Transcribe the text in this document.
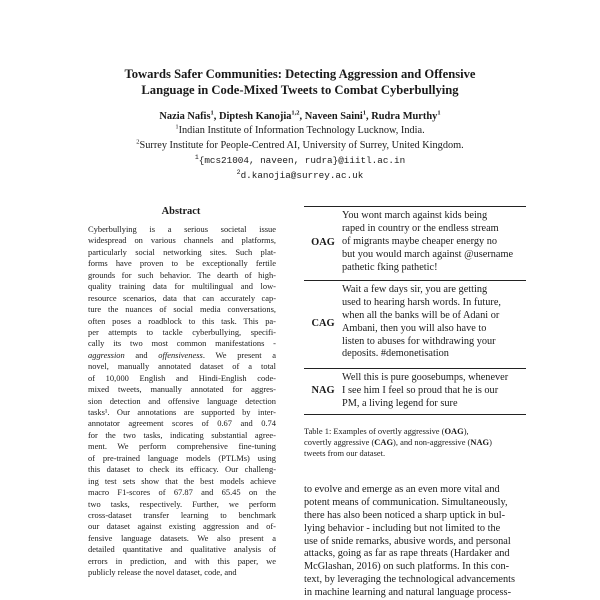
Towards Safer Communities: Detecting Aggression and Offensive
Language in Code-Mixed Tweets to Combat Cyberbullying
Nazia Nafis$^1$, Diptesh Kanojia$^{1,2}$, Naveen Saini$^1$, Rudra Murthy$^1$
$^1$Indian Institute of Information Technology Lucknow, India.
$^2$Surrey Institute for People-Centred AI, University of Surrey, United Kingdom.
$^1${mcs21004, naveen, rudra}@iiitl.ac.in
$^2$d.kanojia@surrey.ac.uk
Abstract
Cyberbullying is a serious societal issue
widespread on various channels and platforms,
particularly social networking sites. Such plat-
forms have proven to be exceptionally fertile
grounds for such behavior. The dearth of high-
quality training data for multilingual and low-
resource scenarios, data that can accurately cap-
ture the nuances of social media conversations,
often poses a roadblock to this task. This pa-
per attempts to tackle cyberbullying, specifi-
cally its two most common manifestations -
aggression and offensiveness. We present a
novel, manually annotated dataset of a total
of 10,000 English and Hindi-English code-
mixed tweets, manually annotated for aggres-
sion detection and offensive language detection
tasks¹. Our annotations are supported by inter-
annotator agreement scores of 0.67 and 0.74
for the two tasks, indicating substantial agree-
ment. We perform comprehensive fine-tuning
of pre-trained language models (PTLMs) using
this dataset to check its efficacy. Our challeng-
ing test sets show that the best models achieve
macro F1-scores of 67.87 and 65.45 on the
two tasks, respectively. Further, we perform
cross-dataset transfer learning to benchmark
our dataset against existing aggression and of-
fensive language datasets. We also present a
detailed quantitative and qualitative analysis of
errors in prediction, and with this paper, we
publicly release the novel dataset, code, and
OAG
You wont march against kids being
raped in country or the endless stream
of migrants maybe cheaper energy no
but you would march against @username
pathetic fking pathetic!
CAG
Wait a few days sir, you are getting
used to hearing harsh words. In future,
when all the banks will be of Adani or
Ambani, then you will also have to
listen to abuses for withdrawing your
deposits. #demonetisation
NAG
Well this is pure goosebumps, whenever
I see him I feel so proud that he is our
PM, a living legend for sure
Table 1: Examples of overtly aggressive (OAG),
covertly aggressive (CAG), and non-aggressive (NAG)
tweets from our dataset.
to evolve and emerge as an even more vital and
potent means of communication. Simultaneously,
there has also been noticed a sharp uptick in bul-
lying behavior - including but not limited to the
use of snide remarks, abusive words, and personal
attacks, going as far as rape threats (Hardaker and
McGlashan, 2016) on such platforms. In this con-
text, by leveraging the technological advancements
in machine learning and natural language process-
